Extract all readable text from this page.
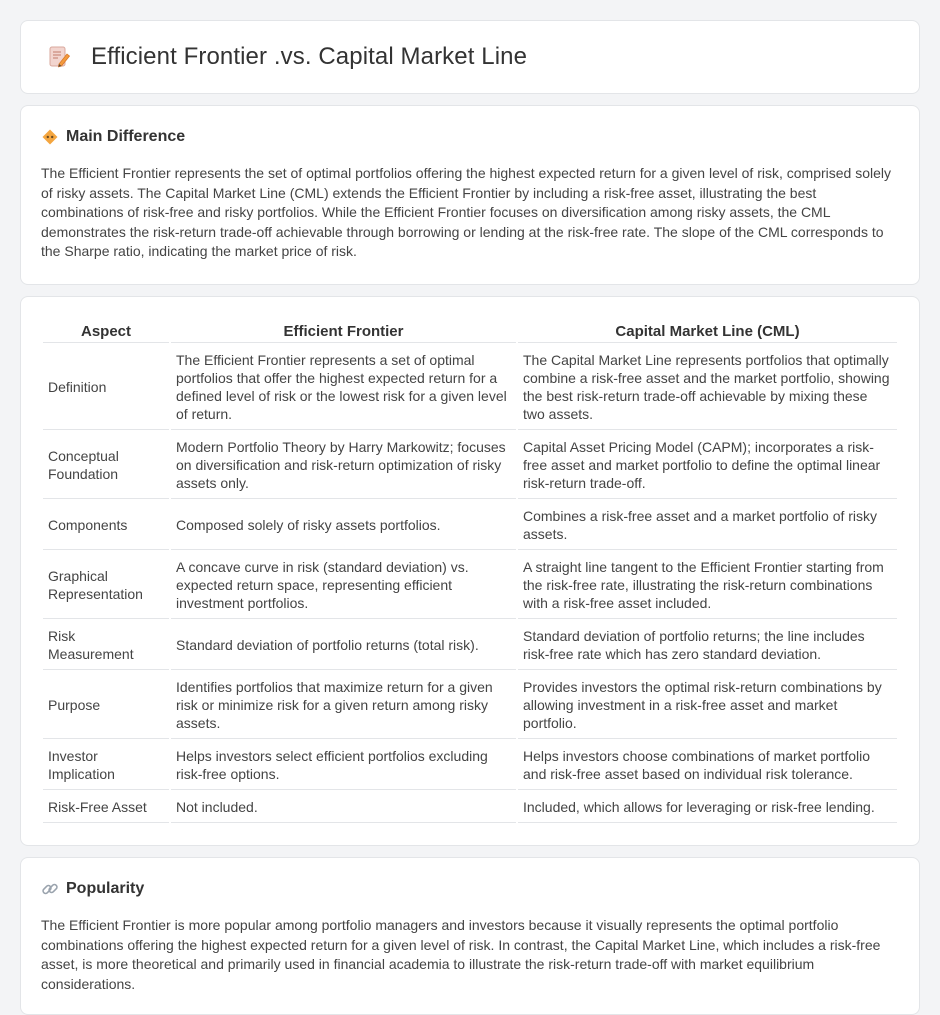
Efficient Frontier .vs. Capital Market Line
Main Difference

The Efficient Frontier represents the set of optimal portfolios offering the highest expected return for a given level of risk, comprised solely of risky assets. The Capital Market Line (CML) extends the Efficient Frontier by including a risk-free asset, illustrating the best combinations of risk-free and risky portfolios. While the Efficient Frontier focuses on diversification among risky assets, the CML demonstrates the risk-return trade-off achievable through borrowing or lending at the risk-free rate. The slope of the CML corresponds to the Sharpe ratio, indicating the market price of risk.

Aspect	Efficient Frontier	Capital Market Line (CML)
Definition	The Efficient Frontier represents a set of optimal portfolios that offer the highest expected return for a defined level of risk or the lowest risk for a given level of return.	The Capital Market Line represents portfolios that optimally combine a risk-free asset and the market portfolio, showing the best risk-return trade-off achievable by mixing these two assets.
Conceptual Foundation	Modern Portfolio Theory by Harry Markowitz; focuses on diversification and risk-return optimization of risky assets only.	Capital Asset Pricing Model (CAPM); incorporates a risk-free asset and market portfolio to define the optimal linear risk-return trade-off.
Components	Composed solely of risky assets portfolios.	Combines a risk-free asset and a market portfolio of risky assets.
Graphical Representation	A concave curve in risk (standard deviation) vs. expected return space, representing efficient investment portfolios.	A straight line tangent to the Efficient Frontier starting from the risk-free rate, illustrating the risk-return combinations with a risk-free asset included.
Risk Measurement	Standard deviation of portfolio returns (total risk).	Standard deviation of portfolio returns; the line includes risk-free rate which has zero standard deviation.
Purpose	Identifies portfolios that maximize return for a given risk or minimize risk for a given return among risky assets.	Provides investors the optimal risk-return combinations by allowing investment in a risk-free asset and market portfolio.
Investor Implication	Helps investors select efficient portfolios excluding risk-free options.	Helps investors choose combinations of market portfolio and risk-free asset based on individual risk tolerance.
Risk-Free Asset	Not included.	Included, which allows for leveraging or risk-free lending.
Popularity

The Efficient Frontier is more popular among portfolio managers and investors because it visually represents the optimal portfolio combinations offering the highest expected return for a given level of risk. In contrast, the Capital Market Line, which includes a risk-free asset, is more theoretical and primarily used in financial academia to illustrate the risk-return trade-off with market equilibrium considerations.
